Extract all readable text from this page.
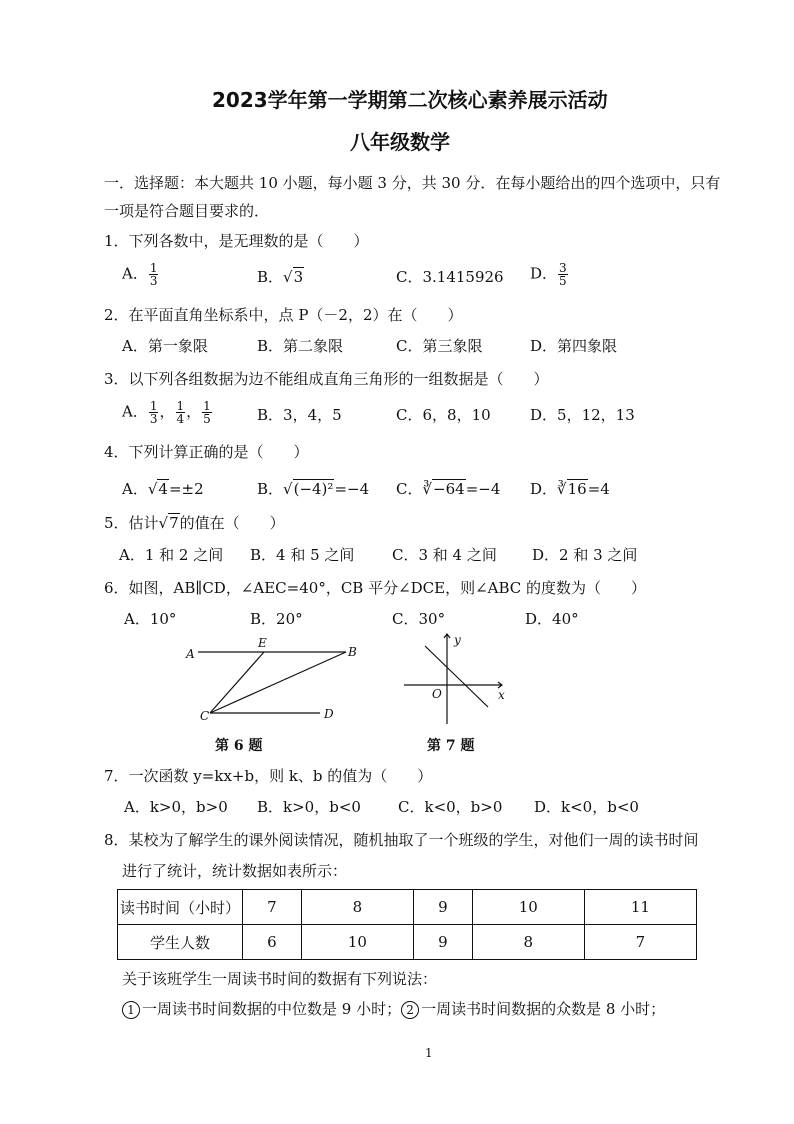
2023学年第一学期第二次核心素养展示活动
八年级数学
一．选择题：本大题共 10 小题，每小题 3 分，共 30 分．在每小题给出的四个选项中，只有
一项是符合题目要求的．
1．下列各数中，是无理数的是（　　）
A． $\frac{1}{3}$	B．√3	C．3.1415926 D． $\frac{3}{5}$
2．在平面直角坐标系中，点 P（－2，2）在（　　）
A．第一象限	B．第二象限	C．第三象限	D．第四象限
3．以下列各组数据为边不能组成直角三角形的一组数据是（　　）
A． $\frac{1}{3}$ ， $\frac{1}{4}$ ， $\frac{1}{5}$	B．3，4，5	C．6，8，10	D．5，12，13
4．下列计算正确的是（　　）
A．√4=±2	B．√(−4)²=−4 C．∛−64=−4 D．∛16=4
5．估计√7的值在（　　）
A．1 和 2 之间 B．4 和 5 之间	C．3 和 4 之间 D．2 和 3 之间
6．如图，AB∥CD，∠AEC=40°，CB 平分∠DCE，则∠ABC 的度数为（　　）
A．10°	B．20°	C．30°	D．40°
A
E
B
C	D
第 6 题
y
O	x
第 7 题
7．一次函数 y=kx+b，则 k、b 的值为（　　）
A．k>0，b>0 B．k>0，b<0 C．k<0，b>0 D．k<0，b<0
8．某校为了解学生的课外阅读情况，随机抽取了一个班级的学生，对他们一周的读书时间
进行了统计，统计数据如表所示：
读书时间（小时）	7	8	9	10	11
学生人数	6	10	9	8	7
关于该班学生一周读书时间的数据有下列说法：
1 一周读书时间数据的中位数是 9 小时； 2 一周读书时间数据的众数是 8 小时；
1
